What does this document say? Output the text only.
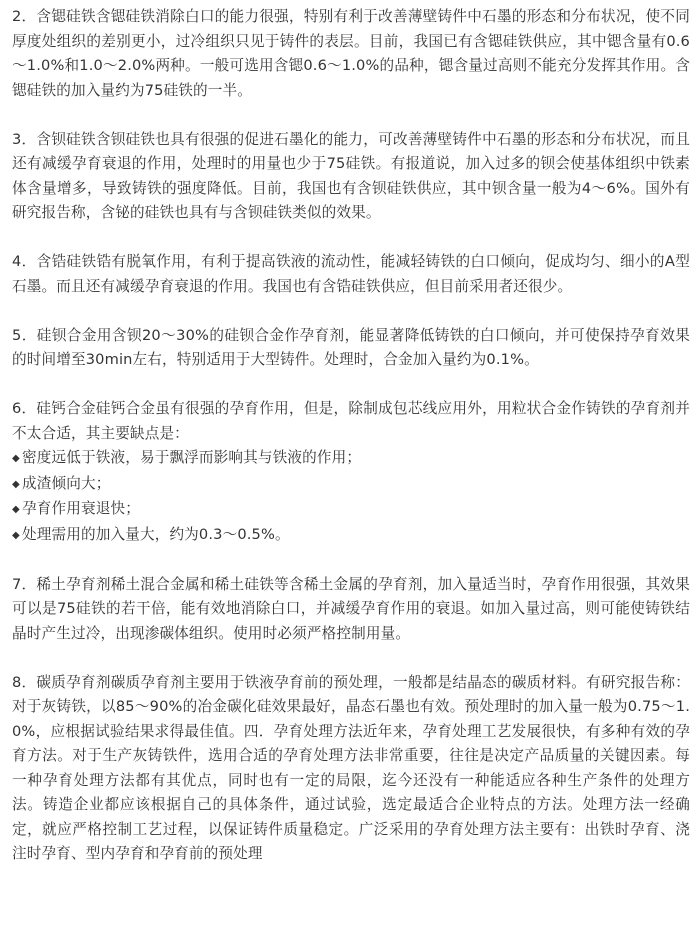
2．含锶硅铁含锶硅铁消除白口的能力很强，特别有利于改善薄壁铸件中石墨的形态和分布状况，使不同厚度处组织的差别更小，过冷组织只见于铸件的表层。目前，我国已有含锶硅铁供应，其中锶含量有0.6～1.0%和1.0～2.0%两种。一般可选用含锶0.6～1.0%的品种，锶含量过高则不能充分发挥其作用。含锶硅铁的加入量约为75硅铁的一半。

3．含钡硅铁含钡硅铁也具有很强的促进石墨化的能力，可改善薄壁铸件中石墨的形态和分布状况，而且还有减缓孕育衰退的作用，处理时的用量也少于75硅铁。有报道说，加入过多的钡会使基体组织中铁素体含量增多，导致铸铁的强度降低。目前，我国也有含钡硅铁供应，其中钡含量一般为4～6%。国外有研究报告称，含铋的硅铁也具有与含钡硅铁类似的效果。

4．含锆硅铁锆有脱氧作用，有利于提高铁液的流动性，能减轻铸铁的白口倾向，促成均匀、细小的A型石墨。而且还有减缓孕育衰退的作用。我国也有含锆硅铁供应，但目前采用者还很少。

5．硅钡合金用含钡20～30%的硅钡合金作孕育剂，能显著降低铸铁的白口倾向，并可使保持孕育效果的时间增至30min左右，特别适用于大型铸件。处理时，合金加入量约为0.1%。

6．硅钙合金硅钙合金虽有很强的孕育作用，但是，除制成包芯线应用外，用粒状合金作铸铁的孕育剂并不太合适，其主要缺点是：
◆ 密度远低于铁液，易于飘浮而影响其与铁液的作用；
◆ 成渣倾向大；
◆ 孕育作用衰退快；
◆ 处理需用的加入量大，约为0.3～0.5%。

7．稀土孕育剂稀土混合金属和稀土硅铁等含稀土金属的孕育剂，加入量适当时，孕育作用很强，其效果可以是75硅铁的若干倍，能有效地消除白口，并减缓孕育作用的衰退。如加入量过高，则可能使铸铁结晶时产生过冷，出现渗碳体组织。使用时必须严格控制用量。

8．碳质孕育剂碳质孕育剂主要用于铁液孕育前的预处理，一般都是结晶态的碳质材料。有研究报告称：对于灰铸铁，以85～90%的冶金碳化硅效果最好，晶态石墨也有效。预处理时的加入量一般为0.75～1.0%，应根据试验结果求得最佳值。四．孕育处理方法近年来，孕育处理工艺发展很快，有多种有效的孕育方法。对于生产灰铸铁件，选用合适的孕育处理方法非常重要，往往是决定产品质量的关键因素。每一种孕育处理方法都有其优点，同时也有一定的局限，迄今还没有一种能适应各种生产条件的处理方法。铸造企业都应该根据自己的具体条件，通过试验，选定最适合企业特点的方法。处理方法一经确定，就应严格控制工艺过程，以保证铸件质量稳定。广泛采用的孕育处理方法主要有：出铁时孕育、浇注时孕育、型内孕育和孕育前的预处理
